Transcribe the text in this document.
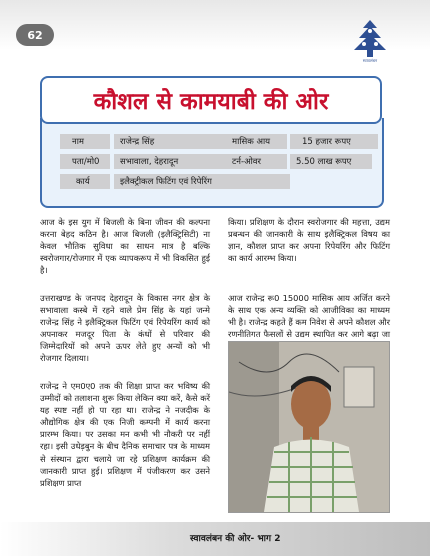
62
स्वावलंबन
नाम	राजेन्द्र सिंह	मासिक आय	15 हजार रूपए
पता/मो0	सभावाला, देहरादून	टर्न-ओवर	5.50 लाख रूपए
कार्य	इलैक्ट्रीकल फिटिंग एवं रिपेरिंग
कौशल से कामयाबी की ओर
आज के इस युग में बिजली के बिना जीवन की कल्पना करना बेहद कठिन है। आज बिजली (इलैक्ट्रिसिटी) ना केवल भौतिक सुविधा का साधन मात्र है बल्कि स्वरोजगार/रोजगार में एक व्यापकरूप में भी विकसित हुई है।
उत्तराखण्ड के जनपद देहरादून के विकास नगर क्षेत्र के सभावाला कस्बे में रहने वाले प्रेम सिंह के यहां जन्मे राजेन्द्र सिंह ने इलैक्ट्रिकल फिटिंग एवं रिपेयरिंग कार्य को अपनाकर मजदूर पिता के कंधों से परिवार की जिम्मेदारियों को अपने ऊपर लेते हुए अन्यों को भी रोजगार दिलाया।
राजेन्द्र ने एम0ए0 तक की शिक्षा प्राप्त कर भविष्य की उम्मीदों को तलाशना शुरू किया लेकिन क्या करें, कैसे करें यह स्पष्ट नहीं हो पा रहा था। राजेन्द्र ने नजदीक के औद्योगिक क्षेत्र की एक निजी कम्पनी में कार्य करना प्रारम्भ किया। पर उसका मन कभी भी नौकरी पर नहीं रहा। इसी उधेड़बुन के बीच दैनिक समाचार पत्र के माध्यम से संस्थान द्वारा चलाये जा रहे प्रशिक्षण कार्यक्रम की जानकारी प्राप्त हुई। प्रशिक्षण में पंजीकरण कर उसने प्रशिक्षण प्राप्त
किया। प्रशिक्षण के दौरान स्वरोजगार की महत्ता, उद्यम प्रबन्धन की जानकारी के साथ इलैक्ट्रिकल विषय का ज्ञान, कौशल प्राप्त कर अपना रिपेयरिंग और फिटिंग का कार्य आरम्भ किया।
आज राजेन्द्र रू0 15000 मासिक आय अर्जित करने के साथ एक अन्य व्यक्ति को आजीविका का माध्यम भी है। राजेन्द्र कहते हैं कम निवेश से अपने कौशल और रणनीतिगत फैसलों से उद्यम स्थापित कर आगे बढ़ा जा
स्वावलंबन की ओर- भाग 2
